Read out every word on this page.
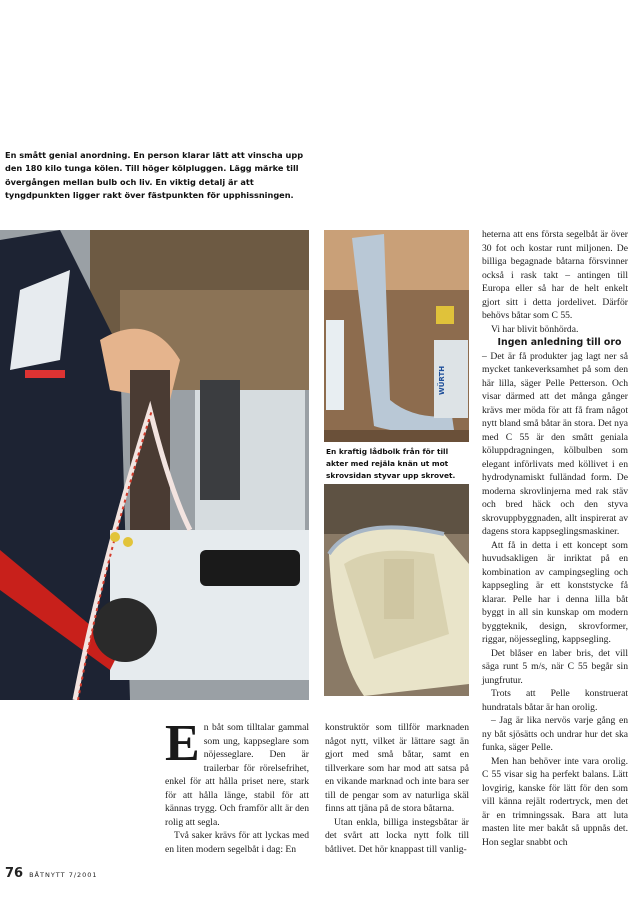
En smått genial anordning. En person klarar lätt att vinscha upp den 180 kilo tunga kölen. Till höger kölpluggen. Lägg märke till övergången mellan bulb och liv. En viktig detalj är att tyngdpunkten ligger rakt över fästpunkten för upphissningen.
WÜRTH
En kraftig lådbolk från för till akter med rejäla knän ut mot skrovsidan styvar upp skrovet.
E n båt som tilltalar gammal som ung, kappseglare som nöjesseglare. Den är trailerbar för rörelsefrihet, enkel för att hålla priset nere, stark för att hålla länge, stabil för att kännas trygg. Och framför allt är den rolig att segla.

Två saker krävs för att lyckas med en liten modern segelbåt i dag: En

konstruktör som tillför marknaden något nytt, vilket är lättare sagt än gjort med små båtar, samt en tillverkare som har mod att satsa på en vikande marknad och inte bara ser till de pengar som av naturliga skäl finns att tjäna på de stora båtarna.

Utan enkla, billiga instegsbåtar är det svårt att locka nytt folk till båtlivet. Det hör knappast till vanlig-

heterna att ens första segelbåt är över 30 fot och kostar runt miljonen. De billiga begagnade båtarna försvinner också i rask takt – antingen till Europa eller så har de helt enkelt gjort sitt i detta jordelivet. Därför behövs båtar som C 55.

Vi har blivit bönhörda.

Ingen anledning till oro

– Det är få produkter jag lagt ner så mycket tankeverksamhet på som den här lilla, säger Pelle Petterson. Och visar därmed att det många gånger krävs mer möda för att få fram något nytt bland små båtar än stora. Det nya med C 55 är den smått geniala köluppdragningen, kölbulben som elegant införlivats med köllivet i en hydrodynamiskt fulländad form. De moderna skrovlinjerna med rak stäv och bred häck och den styva skrovuppbyggnaden, allt inspirerat av dagens stora kappseglingsmaskiner.

Att få in detta i ett koncept som huvudsakligen är inriktat på en kombination av campingsegling och kappsegling är ett konststycke få klarar. Pelle har i denna lilla båt byggt in all sin kunskap om modern byggteknik, design, skrovformer, riggar, nöjessegling, kappsegling.

Det blåser en laber bris, det vill säga runt 5 m/s, när C 55 begår sin jungfrutur.

Trots att Pelle konstruerat hundratals båtar är han orolig.

– Jag är lika nervös varje gång en ny båt sjösätts och undrar hur det ska funka, säger Pelle.

Men han behöver inte vara orolig. C 55 visar sig ha perfekt balans. Lätt lovgirig, kanske för lätt för den som vill känna rejält rodertryck, men det är en trimningssak. Bara att luta masten lite mer bakåt så uppnås det. Hon seglar snabbt och

76 BÅTNYTT 7/2001
